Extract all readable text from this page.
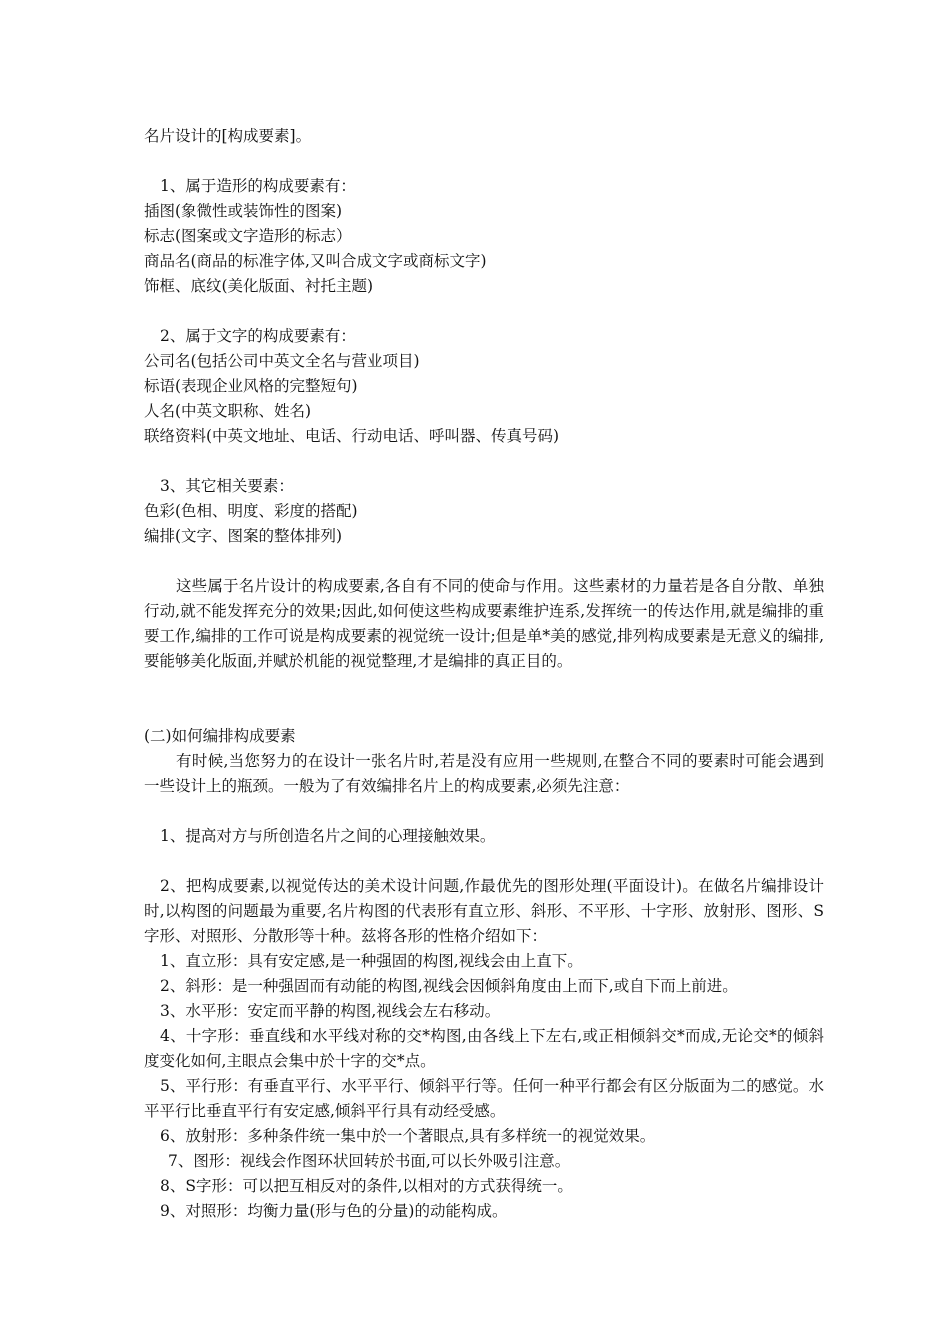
名片设计的[构成要素]。
1、属于造形的构成要素有：
插图(象微性或装饰性的图案)
标志(图案或文字造形的标志）
商品名(商品的标准字体,又叫合成文字或商标文字)
饰框、底纹(美化版面、衬托主题)
2、属于文字的构成要素有：
公司名(包括公司中英文全名与营业项目)
标语(表现企业风格的完整短句)
人名(中英文职称、姓名)
联络资料(中英文地址、电话、行动电话、呼叫器、传真号码)
3、其它相关要素：
色彩(色相、明度、彩度的搭配)
编排(文字、图案的整体排列)

这些属于名片设计的构成要素,各自有不同的使命与作用。这些素材的力量若是各自分散、单独行动,就不能发挥充分的效果;因此,如何使这些构成要素维护连系,发挥统一的传达作用,就是编排的重要工作,编排的工作可说是构成要素的视觉统一设计;但是单*美的感觉,排列构成要素是无意义的编排,要能够美化版面,并赋於机能的视觉整理,才是编排的真正目的。

(二)如何编排构成要素

有时候,当您努力的在设计一张名片时,若是没有应用一些规则,在整合不同的要素时可能会遇到一些设计上的瓶颈。一般为了有效编排名片上的构成要素,必须先注意：

1、提高对方与所创造名片之间的心理接触效果。

2、把构成要素,以视觉传达的美术设计问题,作最优先的图形处理(平面设计)。在做名片编排设计时,以构图的问题最为重要,名片构图的代表形有直立形、斜形、不平形、十字形、放射形、图形、S字形、对照形、分散形等十种。兹将各形的性格介绍如下：

1、直立形：具有安定感,是一种强固的构图,视线会由上直下。
2、斜形：是一种强固而有动能的构图,视线会因倾斜角度由上而下,或自下而上前进。
3、水平形：安定而平静的构图,视线会左右移动。

4、十字形：垂直线和水平线对称的交*构图,由各线上下左右,或正相倾斜交*而成,无论交*的倾斜度变化如何,主眼点会集中於十字的交*点。

5、平行形：有垂直平行、水平平行、倾斜平行等。任何一种平行都会有区分版面为二的感觉。水平平行比垂直平行有安定感,倾斜平行具有动经受感。

6、放射形：多种条件统一集中於一个著眼点,具有多样统一的视觉效果。
7、图形：视线会作图环状回转於书面,可以长外吸引注意。
8、S字形：可以把互相反对的条件,以相对的方式获得统一。
9、对照形：均衡力量(形与色的分量)的动能构成。
